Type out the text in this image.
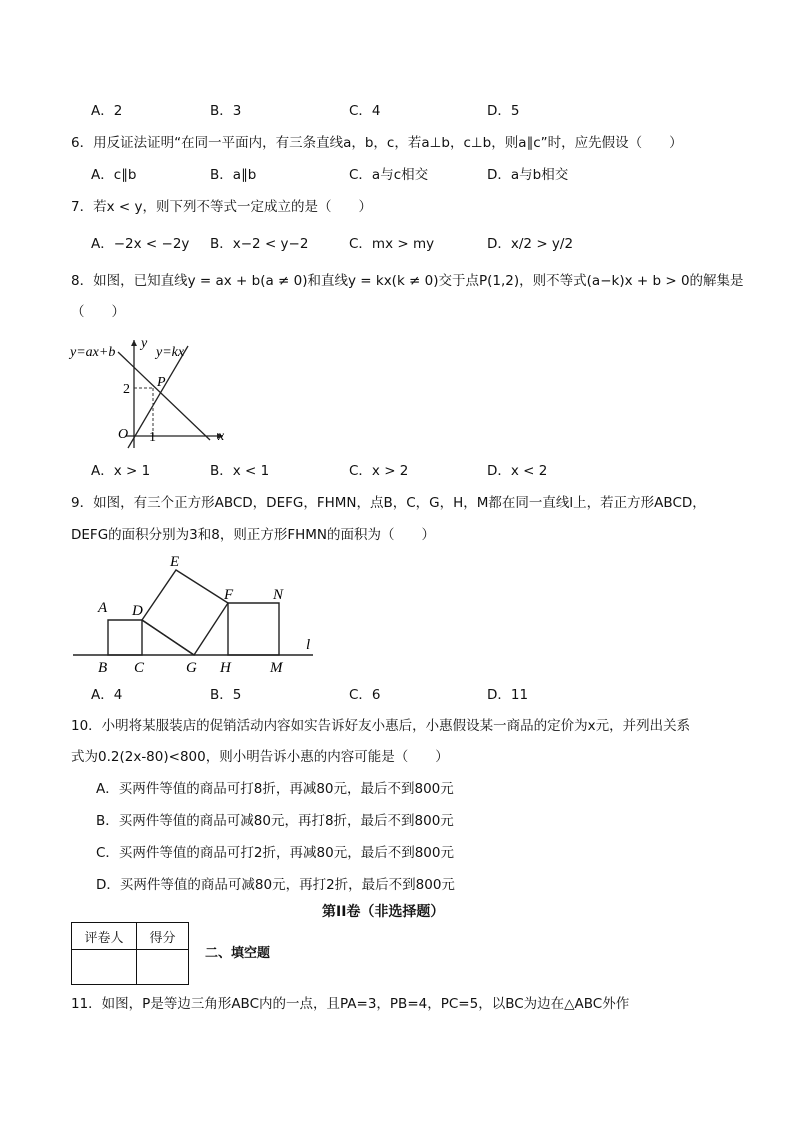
A．2	B．3	C．4	D．5
6．用反证法证明“在同一平面内，有三条直线a，b，c，若a⊥b，c⊥b，则a∥c”时，应先假设（　　）
A．c∥b	B．a∥b	C．a与c相交	D．a与b相交
7．若x < y，则下列不等式一定成立的是（　　）
A．−2x < −2y B．x−2 < y−2	C．mx > my	D．x/2 > y/2
8．如图，已知直线y = ax + b(a ≠ 0)和直线y = kx(k ≠ 0)交于点P(1,2)，则不等式(a−k)x + b > 0的解集是
（　　）
y=ax+b	y=kx
y
x
O
P
2
1
A．x > 1	B．x < 1	C．x > 2	D．x < 2
9．如图，有三个正方形ABCD，DEFG，FHMN，点B，C，G，H，M都在同一直线l上，若正方形ABCD，
DEFG的面积分别为3和8，则正方形FHMN的面积为（　　）
A
B C
D
E
F
G H	M
N
l
A．4	B．5	C．6	D．11
10．小明将某服装店的促销活动内容如实告诉好友小惠后，小惠假设某一商品的定价为x元，并列出关系
式为0.2(2x-80)<800，则小明告诉小惠的内容可能是（　　）
A．买两件等值的商品可打8折，再减80元，最后不到800元
B．买两件等值的商品可减80元，再打8折，最后不到800元
C．买两件等值的商品可打2折，再减80元，最后不到800元
D．买两件等值的商品可减80元，再打2折，最后不到800元
第II卷（非选择题）
评卷人	得分

二、填空题
11．如图，P是等边三角形ABC内的一点，且PA=3，PB=4，PC=5，以BC为边在△ABC外作
